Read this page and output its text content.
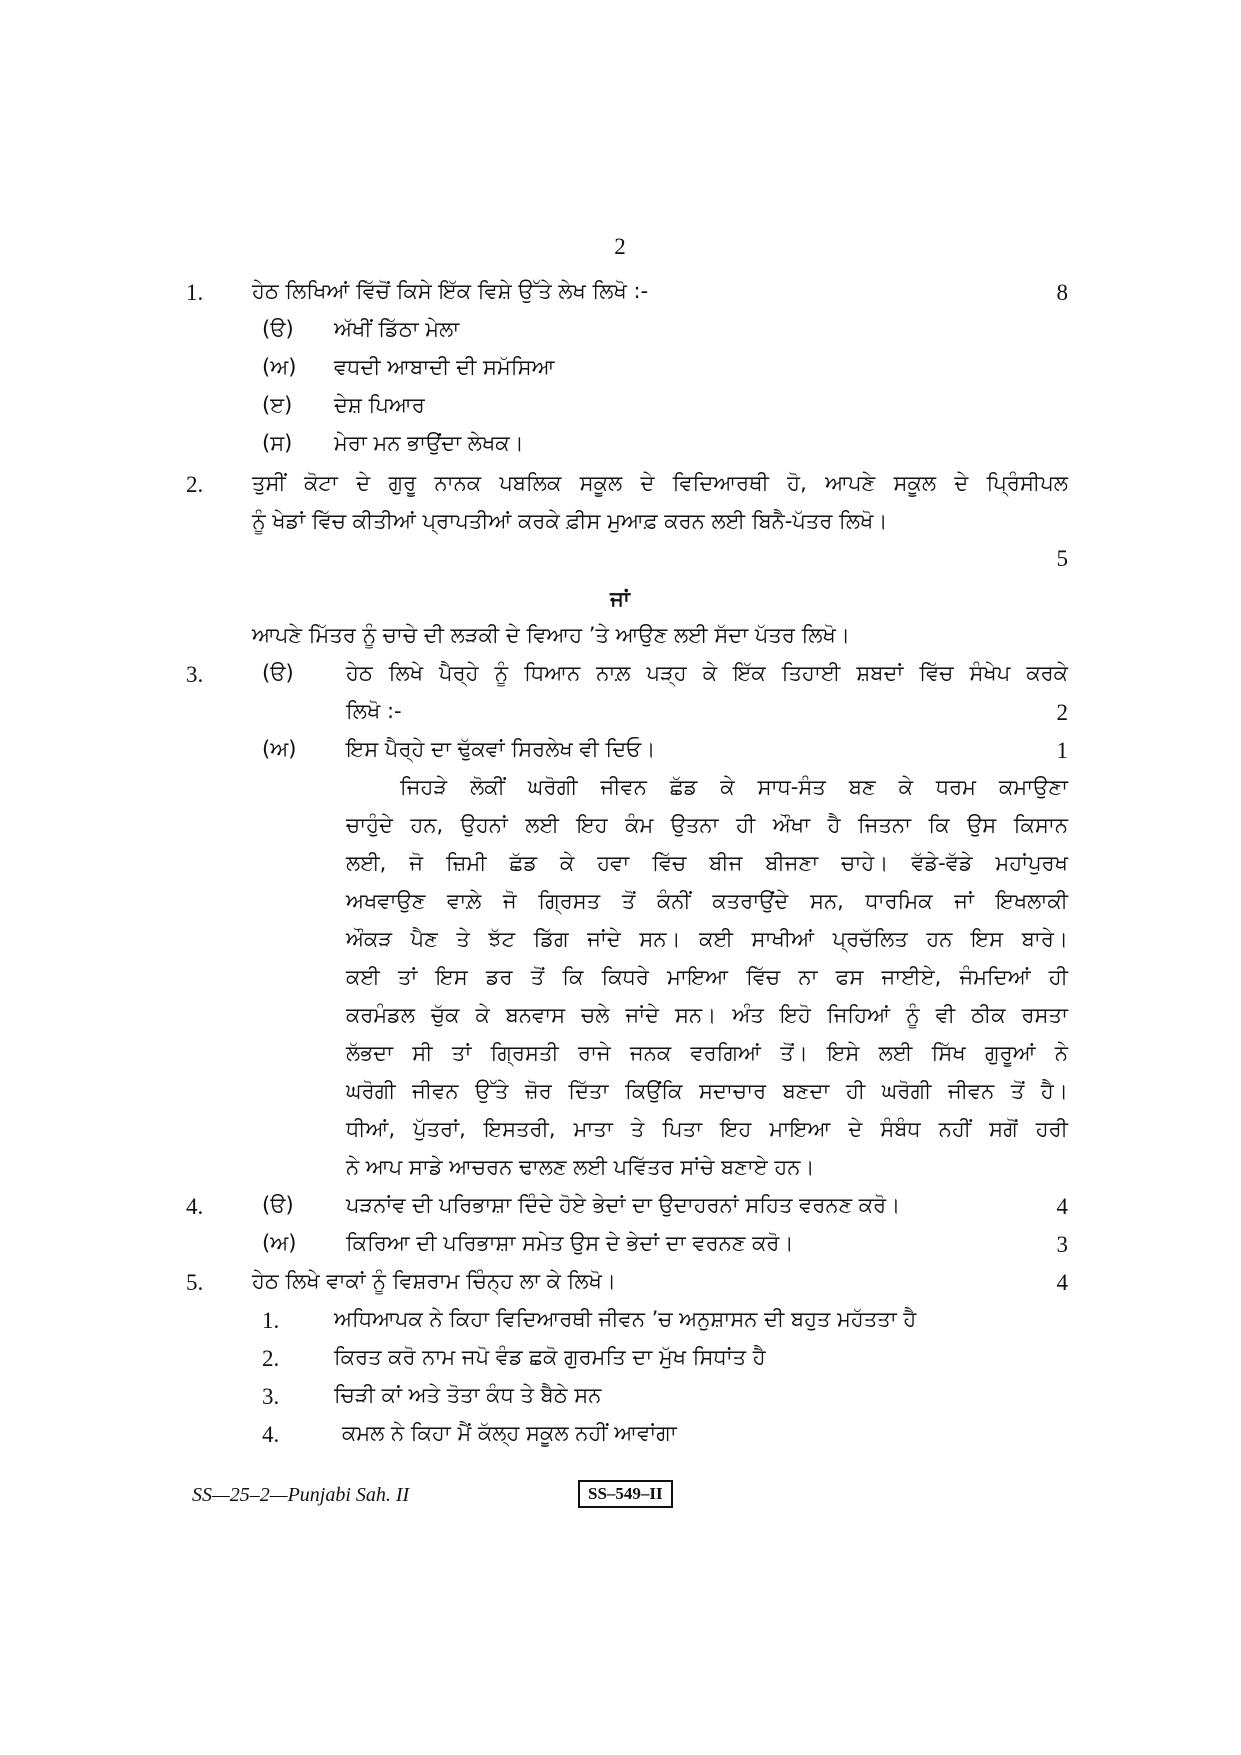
2
1. ਹੇਠ ਲਿਖਿਆਂ ਵਿੱਚੋਂ ਕਿਸੇ ਇੱਕ ਵਿਸ਼ੇ ਉੱਤੇ ਲੇਖ ਲਿਖੋ :-	8
(ੳ) ਅੱਖੀਂ ਡਿੱਠਾ ਮੇਲਾ
(ਅ) ਵਧਦੀ ਆਬਾਦੀ ਦੀ ਸਮੱਸਿਆ
(ੲ) ਦੇਸ਼ ਪਿਆਰ
(ਸ) ਮੇਰਾ ਮਨ ਭਾਉਂਦਾ ਲੇਖਕ।
2. ਤੁਸੀਂ ਕੋਟਾ ਦੇ ਗੁਰੂ ਨਾਨਕ ਪਬਲਿਕ ਸਕੂਲ ਦੇ ਵਿਦਿਆਰਥੀ ਹੋ, ਆਪਣੇ ਸਕੂਲ ਦੇ ਪ੍ਰਿੰਸੀਪਲ
ਨੂੰ ਖੇਡਾਂ ਵਿੱਚ ਕੀਤੀਆਂ ਪ੍ਰਾਪਤੀਆਂ ਕਰਕੇ ਫ਼ੀਸ ਮੁਆਫ਼ ਕਰਨ ਲਈ ਬਿਨੈ-ਪੱਤਰ ਲਿਖੋ।
5
ਜਾਂ
ਆਪਣੇ ਮਿੱਤਰ ਨੂੰ ਚਾਚੇ ਦੀ ਲੜਕੀ ਦੇ ਵਿਆਹ ’ਤੇ ਆਉਣ ਲਈ ਸੱਦਾ ਪੱਤਰ ਲਿਖੋ।
3.	(ੳ) ਹੇਠ ਲਿਖੇ ਪੈਰ੍ਹੇ ਨੂੰ ਧਿਆਨ ਨਾਲ਼ ਪੜ੍ਹ ਕੇ ਇੱਕ ਤਿਹਾਈ ਸ਼ਬਦਾਂ ਵਿੱਚ ਸੰਖੇਪ ਕਰਕੇ
ਲਿਖੋ :-	2
(ਅ) ਇਸ ਪੈਰ੍ਹੇ ਦਾ ਢੁੱਕਵਾਂ ਸਿਰਲੇਖ ਵੀ ਦਿਓ।	1
ਜਿਹੜੇ ਲੋਕੀਂ ਘਰੋਗੀ ਜੀਵਨ ਛੱਡ ਕੇ ਸਾਧ-ਸੰਤ ਬਣ ਕੇ ਧਰਮ ਕਮਾਉਣਾ
ਚਾਹੁੰਦੇ ਹਨ, ਉਹਨਾਂ ਲਈ ਇਹ ਕੰਮ ਉਤਨਾ ਹੀ ਔਖਾ ਹੈ ਜਿਤਨਾ ਕਿ ਉਸ ਕਿਸਾਨ
ਲਈ, ਜੋ ਜ਼ਿਮੀ ਛੱਡ ਕੇ ਹਵਾ ਵਿੱਚ ਬੀਜ ਬੀਜਣਾ ਚਾਹੇ। ਵੱਡੇ-ਵੱਡੇ ਮਹਾਂਪੁਰਖ
ਅਖਵਾਉਣ ਵਾਲ਼ੇ ਜੋ ਗ੍ਰਿਸਤ ਤੋਂ ਕੰਨੀਂ ਕਤਰਾਉਂਦੇ ਸਨ, ਧਾਰਮਿਕ ਜਾਂ ਇਖਲਾਕੀ
ਔਕੜ ਪੈਣ ਤੇ ਝੱਟ ਡਿੱਗ ਜਾਂਦੇ ਸਨ। ਕਈ ਸਾਖੀਆਂ ਪ੍ਰਚੱਲਿਤ ਹਨ ਇਸ ਬਾਰੇ।
ਕਈ ਤਾਂ ਇਸ ਡਰ ਤੋਂ ਕਿ ਕਿਧਰੇ ਮਾਇਆ ਵਿੱਚ ਨਾ ਫਸ ਜਾਈਏ, ਜੰਮਦਿਆਂ ਹੀ
ਕਰਮੰਡਲ ਚੁੱਕ ਕੇ ਬਨਵਾਸ ਚਲੇ ਜਾਂਦੇ ਸਨ। ਅੰਤ ਇਹੋ ਜਿਹਿਆਂ ਨੂੰ ਵੀ ਠੀਕ ਰਸਤਾ
ਲੱਭਦਾ ਸੀ ਤਾਂ ਗ੍ਰਿਸਤੀ ਰਾਜੇ ਜਨਕ ਵਰਗਿਆਂ ਤੋਂ। ਇਸੇ ਲਈ ਸਿੱਖ ਗੁਰੂਆਂ ਨੇ
ਘਰੋਗੀ ਜੀਵਨ ਉੱਤੇ ਜ਼ੋਰ ਦਿੱਤਾ ਕਿਉਂਕਿ ਸਦਾਚਾਰ ਬਣਦਾ ਹੀ ਘਰੋਗੀ ਜੀਵਨ ਤੋਂ ਹੈ।
ਧੀਆਂ, ਪੁੱਤਰਾਂ, ਇਸਤਰੀ, ਮਾਤਾ ਤੇ ਪਿਤਾ ਇਹ ਮਾਇਆ ਦੇ ਸੰਬੰਧ ਨਹੀਂ ਸਗੋਂ ਹਰੀ
ਨੇ ਆਪ ਸਾਡੇ ਆਚਰਨ ਢਾਲਣ ਲਈ ਪਵਿੱਤਰ ਸਾਂਚੇ ਬਣਾਏ ਹਨ।
4.	(ੳ) ਪੜਨਾਂਵ ਦੀ ਪਰਿਭਾਸ਼ਾ ਦਿੰਦੇ ਹੋਏ ਭੇਦਾਂ ਦਾ ਉਦਾਹਰਨਾਂ ਸਹਿਤ ਵਰਨਣ ਕਰੋ।	4
(ਅ) ਕਿਰਿਆ ਦੀ ਪਰਿਭਾਸ਼ਾ ਸਮੇਤ ਉਸ ਦੇ ਭੇਦਾਂ ਦਾ ਵਰਨਣ ਕਰੋ।	3
5. ਹੇਠ ਲਿਖੇ ਵਾਕਾਂ ਨੂੰ ਵਿਸ਼ਰਾਮ ਚਿੰਨ੍ਹ ਲਾ ਕੇ ਲਿਖੋ।	4
1.	ਅਧਿਆਪਕ ਨੇ ਕਿਹਾ ਵਿਦਿਆਰਥੀ ਜੀਵਨ ’ਚ ਅਨੁਸ਼ਾਸਨ ਦੀ ਬਹੁਤ ਮਹੱਤਤਾ ਹੈ
2.	ਕਿਰਤ ਕਰੋ ਨਾਮ ਜਪੋ ਵੰਡ ਛਕੋ ਗੁਰਮਤਿ ਦਾ ਮੁੱਖ ਸਿਧਾਂਤ ਹੈ
3.	ਚਿੜੀ ਕਾਂ ਅਤੇ ਤੋਤਾ ਕੰਧ ਤੇ ਬੈਠੇ ਸਨ
4.	ਕਮਲ ਨੇ ਕਿਹਾ ਮੈਂ ਕੱਲ੍ਹ ਸਕੂਲ ਨਹੀਂ ਆਵਾਂਗਾ
SS—25–2—Punjabi Sah. II	SS–549–II
